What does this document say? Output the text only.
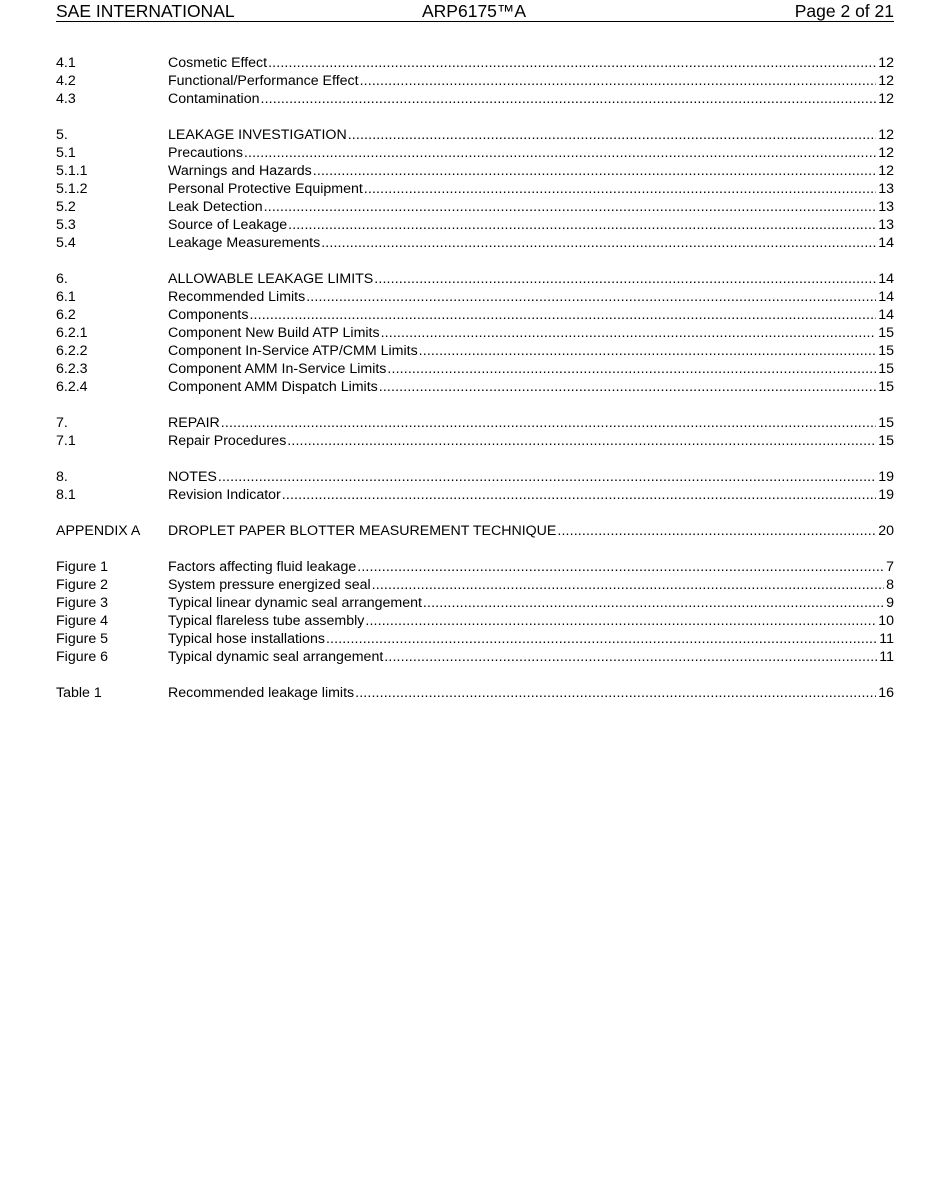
SAE INTERNATIONAL	ARP6175™A	Page 2 of 21
4.1	Cosmetic Effect . . .	12
4.2	Functional/Performance Effect . . .	12
4.3	Contamination . . .	12
5.	LEAKAGE INVESTIGATION . . .	12
5.1	Precautions . . .	12
5.1.1	Warnings and Hazards . . .	12
5.1.2	Personal Protective Equipment . . .	13
5.2	Leak Detection . . .	13
5.3	Source of Leakage . . .	13
5.4	Leakage Measurements . . .	14
6.	ALLOWABLE LEAKAGE LIMITS . . .	14
6.1	Recommended Limits . . .	14
6.2	Components . . .	14
6.2.1	Component New Build ATP Limits . . .	15
6.2.2	Component In-Service ATP/CMM Limits . . .	15
6.2.3	Component AMM In-Service Limits . . .	15
6.2.4	Component AMM Dispatch Limits . . .	15
7.	REPAIR . . .	15
7.1	Repair Procedures . . .	15
8.	NOTES . . .	19
8.1	Revision Indicator . . .	19
APPENDIX A DROPLET PAPER BLOTTER MEASUREMENT TECHNIQUE . . .	20
Figure 1	Factors affecting fluid leakage . . .	7
Figure 2	System pressure energized seal . . .	8
Figure 3	Typical linear dynamic seal arrangement . . .	9
Figure 4	Typical flareless tube assembly . . .	10
Figure 5	Typical hose installations . . .	11
Figure 6	Typical dynamic seal arrangement . . .	11
Table 1	Recommended leakage limits . . .	16
